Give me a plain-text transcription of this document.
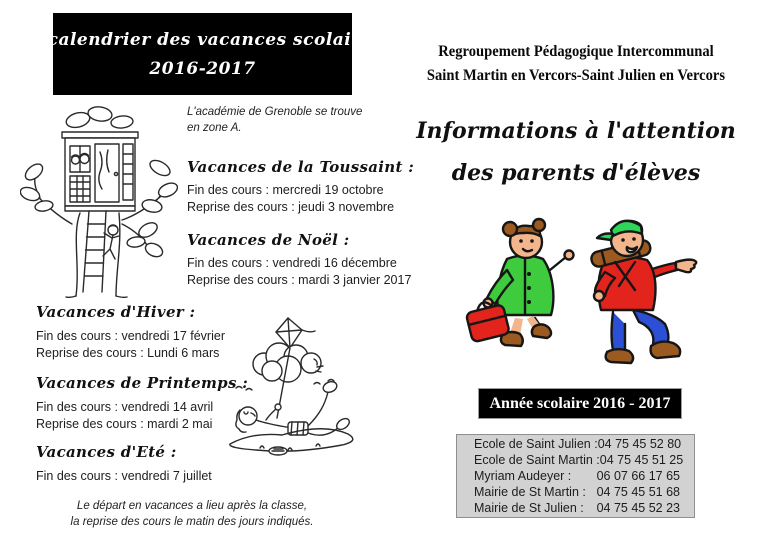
le calendrier des vacances scolaires
2016-2017
L'académie de Grenoble se trouve en zone A.
Vacances de la Toussaint :
Fin des cours : mercredi 19 octobre
Reprise des cours : jeudi 3 novembre
Vacances de Noël :
Fin des cours : vendredi 16 décembre
Reprise des cours : mardi 3 janvier 2017
Vacances d'Hiver :
Fin des cours : vendredi 17 février
Reprise des cours : Lundi 6 mars
Vacances de Printemps :
Fin des cours : vendredi 14 avril
Reprise des cours : mardi 2 mai
Vacances d'Eté :
Fin des cours : vendredi 7 juillet
Le départ en vacances a lieu après la classe,
la reprise des cours le matin des jours indiqués.
Regroupement Pédagogique Intercommunal
Saint Martin en Vercors-Saint Julien en Vercors
Informations à l'attention
des parents d'élèves
Année scolaire 2016 - 2017
Ecole de Saint Julien : 04 75 45 52 80
Ecole de Saint Martin : 04 75 45 51 25
Myriam Audeyer : 06 07 66 17 65
Mairie de St Martin : 04 75 45 51 68
Mairie de St Julien : 04 75 45 52 23
